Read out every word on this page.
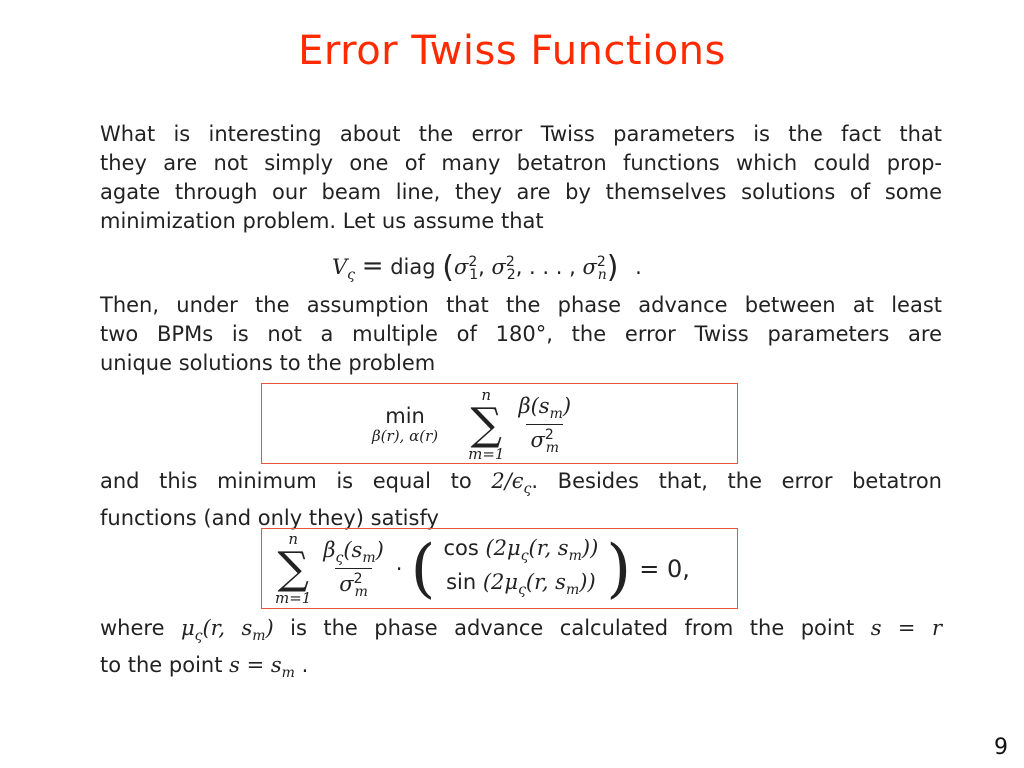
Error Twiss Functions
What is interesting about the error Twiss parameters is the fact that
they are not simply one of many betatron functions which could prop-
agate through our beam line, they are by themselves solutions of some
minimization problem. Let us assume that
$V_\varsigma$ = diag ($\sigma^2_1$, $\sigma^2_2$, . . . , $\sigma^2_n$) .
Then, under the assumption that the phase advance between at least
two BPMs is not a multiple of 180°, the error Twiss parameters are
unique solutions to the problem
min
β(r), α(r)
n
∑
$m=1 \frac{\beta(s_m)}{\sigma^2_m}$
and this minimum is equal to $2/\epsilon_\varsigma$. Besides that, the error betatron
functions (and only they) satisfy
n
∑
$m=1 \frac{\beta_\varsigma(s_m)}{\sigma^2_m}$ · ( $\cos (2\mu_\varsigma(r$, $s_m$))
$\sin (2\mu_\varsigma(r$, $s_m$)) ) = 0,
where $\mu_\varsigma(r$, $s_m$) is the phase advance calculated from the point s = r
to the point $s = s_m$ .
9
